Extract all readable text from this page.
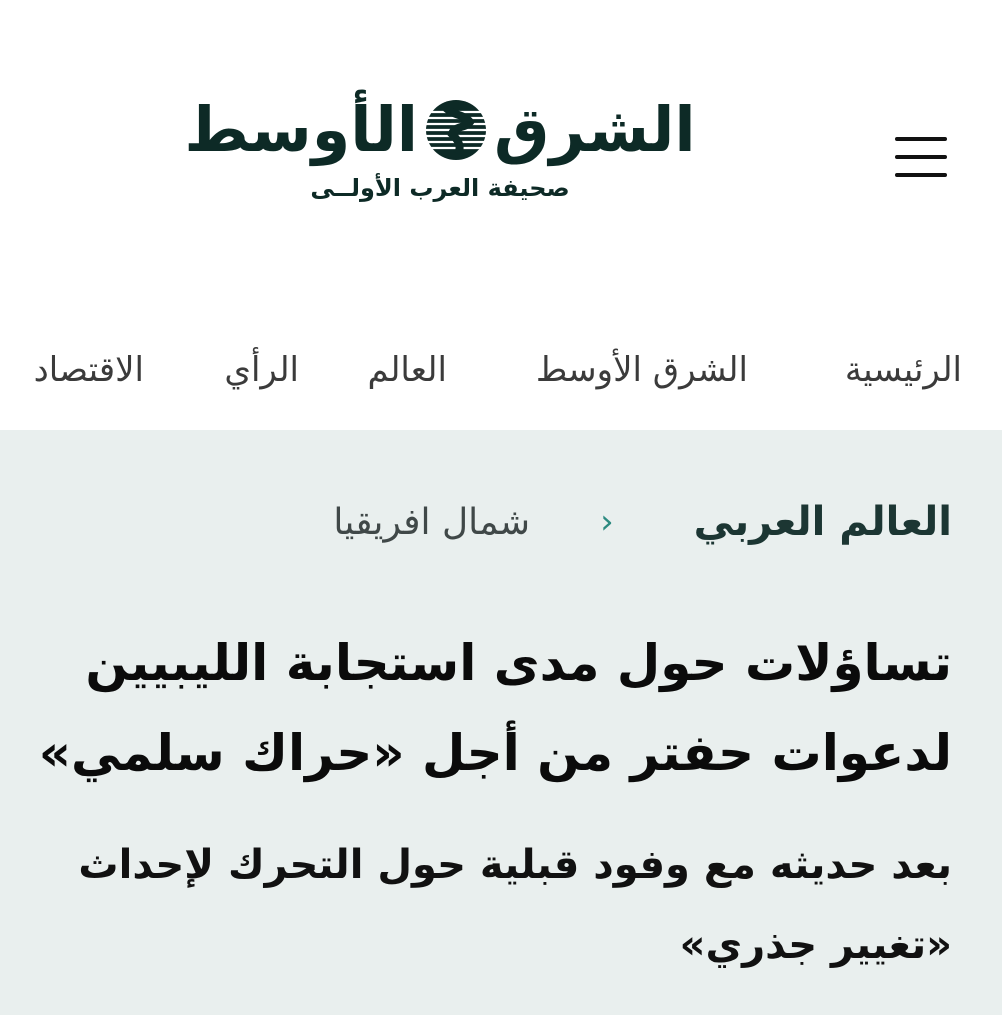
الشرق
الأوسط
صحيفة العرب الأولــى
الرئيسية
الشرق الأوسط
العالم
الرأي
الاقتصاد
العالم العربي
‹
شمال افريقيا
تساؤلات حول مدى استجابة الليبيين
لدعوات حفتر من أجل «حراك سلمي»
بعد حديثه مع وفود قبلية حول التحرك لإحداث
«تغيير جذري»
